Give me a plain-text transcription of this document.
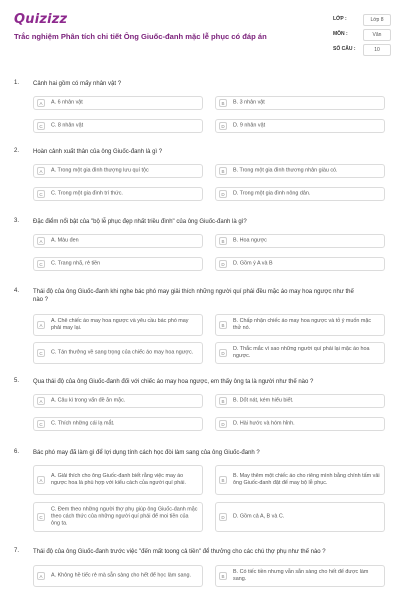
Quizizz
Trắc nghiệm Phân tích chi tiết Ông Giuốc-đanh mặc lễ phục có đáp án
LỚP :	Lớp 8
MÔN :	Văn
SỐ CÂU :	10
1. Cảnh hai gồm có mấy nhân vật ?
A	A. 6 nhân vật	B	B. 3 nhân vật
C	C. 8 nhân vật	D	D. 9 nhân vật
2. Hoàn cảnh xuất thân của ông Giuốc-đanh là gì ?
A	A. Trong một gia đình thượng lưu quí tộc	B	B. Trong một gia đình thương nhân giàu có.
C	C. Trong một gia đình trí thức.	D	D. Trong một gia đình nông dân.
3. Đặc điểm nổi bật của "bộ lễ phục đẹp nhất triều đình" của ông Giuốc-đanh là gì?
A	A. Màu đen	B	B. Hoa ngược
C	C. Trang nhã, rẻ tiền	D	D. Gồm ý A và B
4. Thái độ của ông Giuốc-đanh khi nghe bác phó may giải thích những người quí phái đều mặc áo may hoa ngược như thế nào ?
A
A. Chê chiếc áo may hoa ngược và yêu cầu bác phó may phải may lại.	B
B. Chấp nhận chiếc áo may hoa ngược và tỏ ý muốn mặc thử nó.
C	C. Tán thưởng về sang trọng của chiếc áo may hoa ngược.	D
D. Thắc mắc vì sao những người quí phái lại mặc áo hoa ngược.
5. Qua thái độ của ông Giuốc-đanh đối với chiếc áo may hoa ngược, em thấy ông ta là người như thế nào ?
A	A. Câu kì trong vấn đề ăn mặc.	B	B. Dốt nát, kém hiểu biết.
C	C. Thích những cái lạ mắt.	D	D. Hài hước và hóm hỉnh.
6. Bác phó may đã làm gì để lợi dụng tính cách học đòi làm sang của ông Giuốc-đanh ?
A
A. Giải thích cho ông Giuốc-đanh biết rằng việc may áo ngược hoa là phù hợp với kiểu cách của người quí phái.	B
B. May thêm một chiếc áo cho riêng mình bằng chính tấm vải ông Giuốc-đanh đặt để may bộ lễ phục.
C
C. Đem theo những người thợ phụ giúp ông Giuốc-đanh mặc theo cách thức của những người quí phái để moi tiền của ông ta.
D	D. Gồm cả A, B và C.
7. Thái độ của ông Giuốc-đanh trước việc "đến mất toong cả tiền" để thưởng cho các chú thợ phụ như thế nào ?
A	A. Không hề tiếc rẻ mà sẵn sàng cho hết để học làm sang.	B
B. Có tiếc tiền nhưng vẫn sẵn sàng cho hết để được làm sang.
